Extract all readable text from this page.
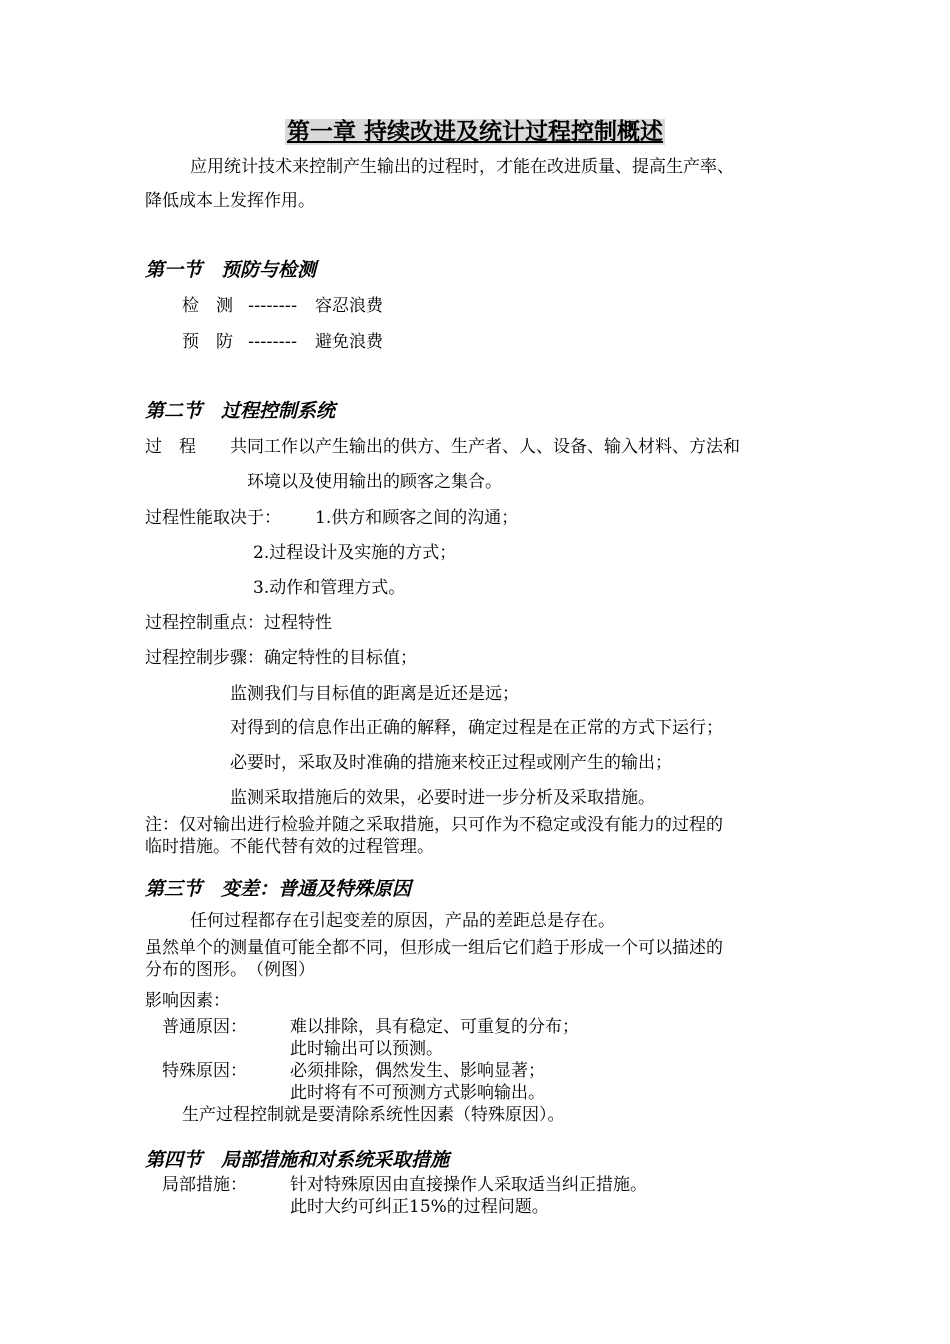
第一章 持续改进及统计过程控制概述
应用统计技术来控制产生输出的过程时，才能在改进质量、提高生产率、
降低成本上发挥作用。
第一节　预防与检测
检　测 -------- 容忍浪费
预　防 -------- 避免浪费
第二节　过程控制系统
过　程 共同工作以产生输出的供方、生产者、人、设备、输入材料、方法和
环境以及使用输出的顾客之集合。
过程性能取决于： 1.供方和顾客之间的沟通；
2.过程设计及实施的方式；
3.动作和管理方式。
过程控制重点：过程特性
过程控制步骤：确定特性的目标值；
监测我们与目标值的距离是近还是远；
对得到的信息作出正确的解释，确定过程是在正常的方式下运行；
必要时，采取及时准确的措施来校正过程或刚产生的输出；
监测采取措施后的效果，必要时进一步分析及采取措施。
注：仅对输出进行检验并随之采取措施，只可作为不稳定或没有能力的过程的
临时措施。不能代替有效的过程管理。
第三节　变差：普通及特殊原因
任何过程都存在引起变差的原因，产品的差距总是存在。
虽然单个的测量值可能全都不同，但形成一组后它们趋于形成一个可以描述的
分布的图形。　（例图）
影响因素：
普通原因：	难以排除，具有稳定、可重复的分布；
此时输出可以预测。
特殊原因：	必须排除，偶然发生、影响显著；
此时将有不可预测方式影响输出。
生产过程控制就是要清除系统性因素（特殊原因）。
第四节　局部措施和对系统采取措施
局部措施：	针对特殊原因由直接操作人采取适当纠正措施。
此时大约可纠正15%的过程问题。
